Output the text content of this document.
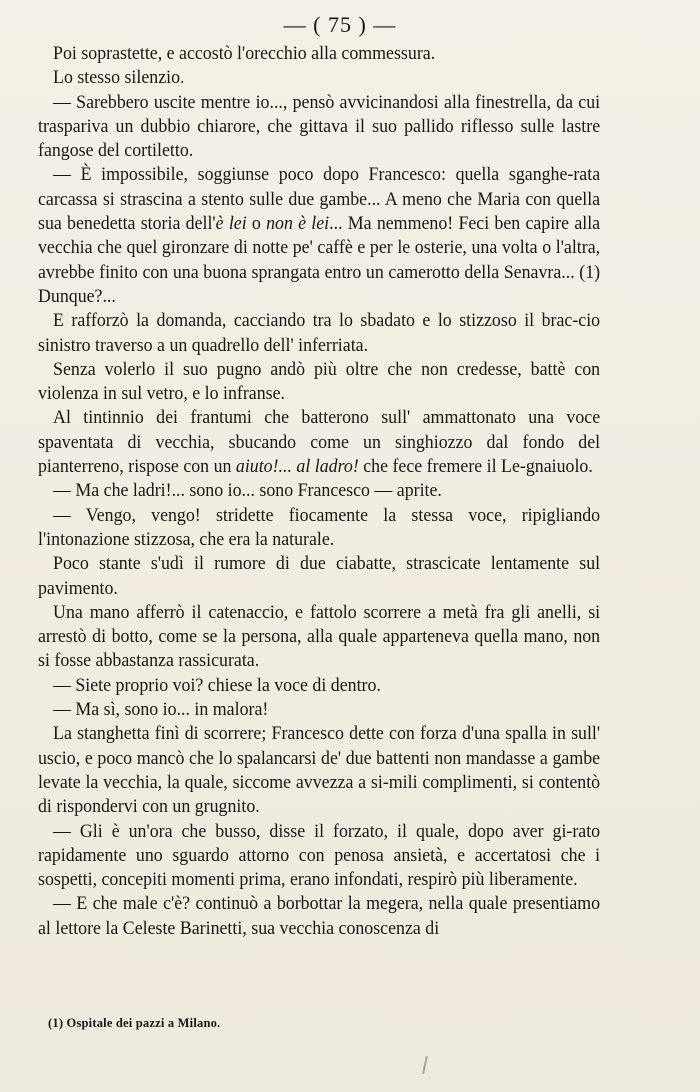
— ( 75 ) —

Poi soprastette, e accostò l'orecchio alla commessura.

Lo stesso silenzio.

— Sarebbero uscite mentre io..., pensò avvicinandosi alla finestrella, da cui traspariva un dubbio chiarore, che gittava il suo pallido riflesso sulle lastre fangose del cortiletto.

— È impossibile, soggiunse poco dopo Francesco: quella sganghe-rata carcassa si strascina a stento sulle due gambe... A meno che Maria con quella sua benedetta storia dell'è lei o non è lei... Ma nemmeno! Feci ben capire alla vecchia che quel gironzare di notte pe' caffè e per le osterie, una volta o l'altra, avrebbe finito con una buona sprangata entro un camerotto della Senavra... (1) Dunque?...

E rafforzò la domanda, cacciando tra lo sbadato e lo stizzoso il brac-cio sinistro traverso a un quadrello dell' inferriata.

Senza volerlo il suo pugno andò più oltre che non credesse, battè con violenza in sul vetro, e lo infranse.

Al tintinnio dei frantumi che batterono sull' ammattonato una voce spaventata di vecchia, sbucando come un singhiozzo dal fondo del pianterreno, rispose con un aiuto!... al ladro! che fece fremere il Le-gnaiuolo.

— Ma che ladri!... sono io... sono Francesco — aprite.

— Vengo, vengo! stridette fiocamente la stessa voce, ripigliando l'intonazione stizzosa, che era la naturale.

Poco stante s'udì il rumore di due ciabatte, strascicate lentamente sul pavimento.

Una mano afferrò il catenaccio, e fattolo scorrere a metà fra gli anelli, si arrestò di botto, come se la persona, alla quale apparteneva quella mano, non si fosse abbastanza rassicurata.

— Siete proprio voi? chiese la voce di dentro.

— Ma sì, sono io... in malora!

La stanghetta finì di scorrere; Francesco dette con forza d'una spalla in sull' uscio, e poco mancò che lo spalancarsi de' due battenti non mandasse a gambe levate la vecchia, la quale, siccome avvezza a si-mili complimenti, si contentò di rispondervi con un grugnito.

— Gli è un'ora che busso, disse il forzato, il quale, dopo aver gi-rato rapidamente uno sguardo attorno con penosa ansietà, e accertatosi che i sospetti, concepiti momenti prima, erano infondati, respirò più liberamente.

— E che male c'è? continuò a borbottar la megera, nella quale presentiamo al lettore la Celeste Barinetti, sua vecchia conoscenza di

(1) Ospitale dei pazzi a Milano.
